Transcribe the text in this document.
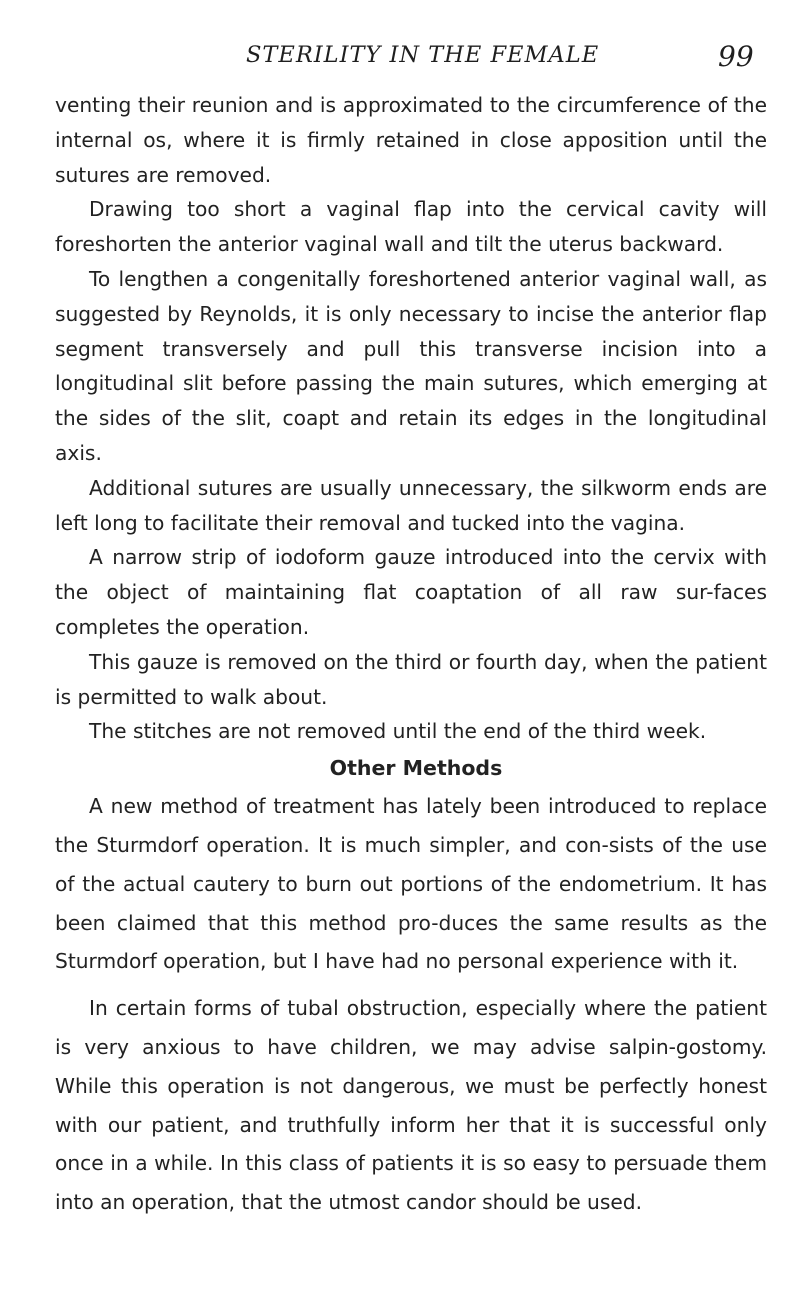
STERILITY IN THE FEMALE	99

venting their reunion and is approximated to the circumference of the internal os, where it is firmly retained in close apposition until the sutures are removed.

Drawing too short a vaginal flap into the cervical cavity will foreshorten the anterior vaginal wall and tilt the uterus backward.

To lengthen a congenitally foreshortened anterior vaginal wall, as suggested by Reynolds, it is only necessary to incise the anterior flap segment transversely and pull this transverse incision into a longitudinal slit before passing the main sutures, which emerging at the sides of the slit, coapt and retain its edges in the longitudinal axis.

Additional sutures are usually unnecessary, the silkworm ends are left long to facilitate their removal and tucked into the vagina.

A narrow strip of iodoform gauze introduced into the cervix with the object of maintaining flat coaptation of all raw sur-faces completes the operation.

This gauze is removed on the third or fourth day, when the patient is permitted to walk about.

The stitches are not removed until the end of the third week.

Other Methods

A new method of treatment has lately been introduced to replace the Sturmdorf operation. It is much simpler, and con-sists of the use of the actual cautery to burn out portions of the endometrium. It has been claimed that this method pro-duces the same results as the Sturmdorf operation, but I have had no personal experience with it.

In certain forms of tubal obstruction, especially where the patient is very anxious to have children, we may advise salpin-gostomy. While this operation is not dangerous, we must be perfectly honest with our patient, and truthfully inform her that it is successful only once in a while. In this class of patients it is so easy to persuade them into an operation, that the utmost candor should be used.
